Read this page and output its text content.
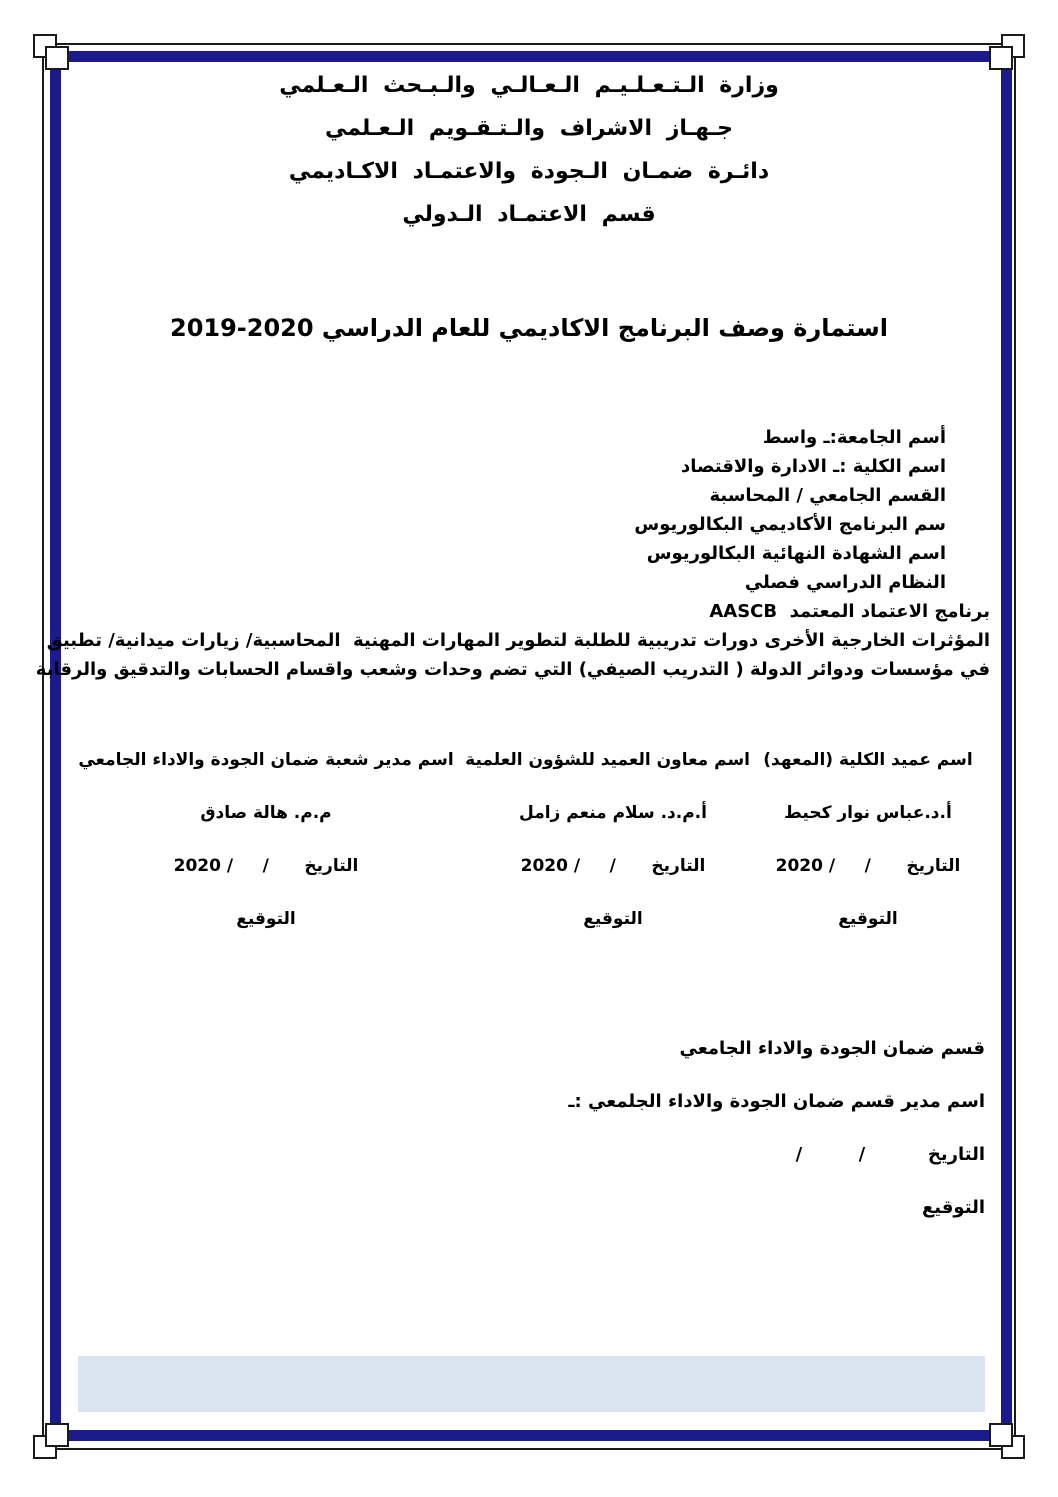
وزارة الـتـعـلـيـم الـعـالـي والـبـحث الـعـلمي
جـهـاز الاشراف والـتـقـويم الـعـلمي
دائـرة ضمـان الـجودة والاعتمـاد الاكـاديمي
قسم الاعتمـاد الـدولي
استمارة وصف البرنامج الاكاديمي للعام الدراسي 2020-2019
أسم الجامعة:ـ واسط
اسم الكلية :ـ الادارة والاقتصاد
القسم الجامعي / المحاسبة
سم البرنامج الأكاديمي البكالوريوس
اسم الشهادة النهائية البكالوريوس
النظام الدراسي فصلي
برنامج الاعتماد المعتمد  AASCB
المؤثرات الخارجية الأخرى دورات تدريبية للطلبة لتطوير المهارات المهنية  المحاسبية/ زيارات ميدانية/ تطبيق
في مؤسسات ودوائر الدولة ( التدريب الصيفي) التي تضم وحدات وشعب واقسام الحسابات والتدقيق والرقابة
اسم عميد الكلية (المعهد)
أ.د.عباس نوار كحيط
التاريخ      /     / 2020
التوقيع
اسم معاون العميد للشؤون العلمية
أ.م.د. سلام منعم زامل
التاريخ      /     / 2020
التوقيع
اسم مدير شعبة ضمان الجودة والاداء الجامعي
م.م. هالة صادق
التاريخ      /     / 2020
التوقيع
قسم ضمان الجودة والاداء الجامعي
اسم مدير قسم ضمان الجودة والاداء الجلمعي :ـ
التاريخ          /         /
التوقيع
